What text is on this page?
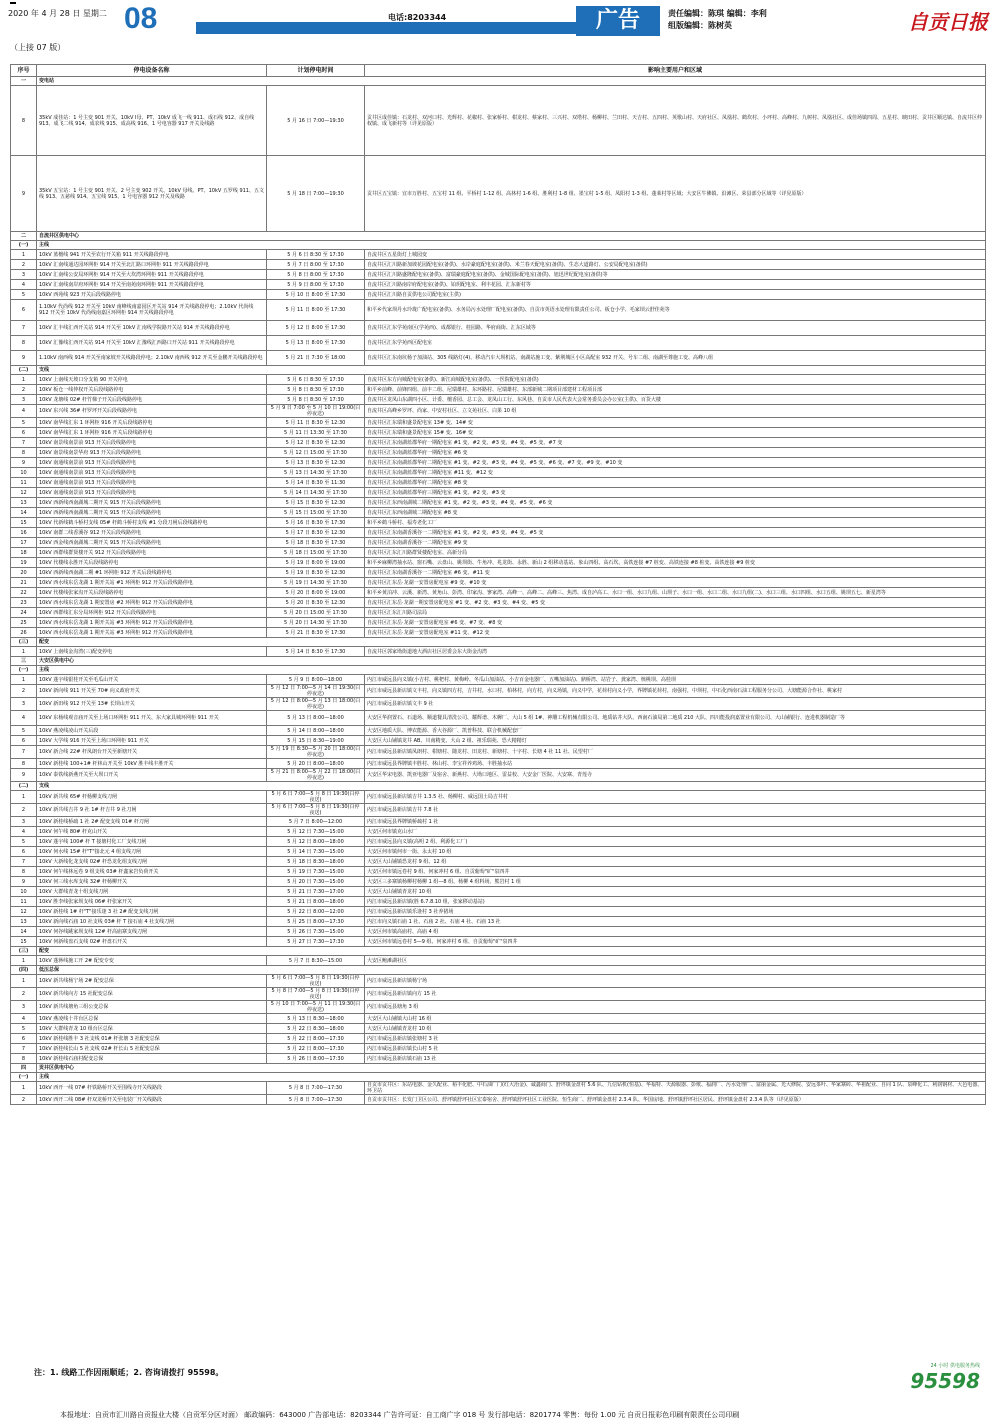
2020 年 4 月 28 日 星期二 08	电话:8203344	广告	责任编辑：陈琪 编辑：李利
组版编辑：陈树英	自贡日报
（上接 07 版）
序号	停电设备名称	计划停电时间	影响主要用户和区域
一	变电站		
8	35kV 成佳站：1 号主变 901 开关、10kV Ⅰ母、PT、10kV 成飞一线 911、成石线 912、成自线 913、成飞二线 914、成农线 915、成高线 916、1 号电容器 917 开关及线路	5 月 16 日 7:00—19:30	贡井区成佳镇：石龙村、双河口村、光辉村、花椒村、张家桥村、柑龙村、蔡家村、三兴村、双塔村、杨柳村、兰田村、天吉村、五四村、英歌山村、天府社区、凤凰村、鹤坎村、小坪村、高峰村、九树村、凤凰社区、成佳场镇四周、五星村、映田村、贡井区顺达镇、自流井区仲权镇、成飞新村等（详见原版）
9	35kV 五宝站：1 号主变 901 开关、2 号主变 902 开关、10kV 母线、PT、10kV 五罗线 911、五文线 913、五慈线 914、五宝线 915、1 号电容器 912 开关及线路	5 月 18 日 7:00—19:30	贡井区五宝镇：宜市万胜村、五宝村 11 组、平桥村 1-12 组、高林村 1-6 组、胜利村 1-8 组、墨宝村 1-5 组、凤阳村 1-3 组、蓬莱村等区域；大安区牛佛镇、沿滩区、荣县部分区域等（详见原版）
二	自流井区供电中心		
(一)	主线		
1	10kV 蓝檀线 941 开关至农行开关箱 911 开关线路段停电	5 月 6 日 8:30 至 17:30	自流井区五星街灯上城园变
2	10kV 汇南线通达园环网柜 914 开关至北汇路口环网柜 911 开关线路段停电	5 月 7 日 8:00 至 17:30	自流井区汇川路新加坡花园配电室(备供)、水岸豪庭配电室(备供)、米兰春天配电室(备供)、生态大道路灯、公安局配电室(备供)
3	10kV 汇南线公安局环网柜 914 开关至大坎湾环网柜 911 开关线路段停电	5 月 8 日 8:00 至 17:30	自流井区汇川路盛隆配电室(备供)、富瑞豪庭配电室(备供)、金城国际配电室(备供)、旭迅世纪配电室(备供)等
4	10kV 汇南线南岸府环网柜 914 开关至南苑南环网柜 911 开关线路段停电	5 月 9 日 8:00 至 17:30	自流井区汇川路南岸府配电室(备供)、铂玥配电室、利丰花园、汇东新村等
5	10kV 西苑线 923 开关后段线路停电	5 月 10 日 8:00 至 17:30	自流井区汇川路自贡供电公司配电室(主供)
6	1.10kV 代尚线 912 开关至 10kV 南峰线南嘉园区开关站 914 开关线路段停电；2.10kV 代尚线 912 开关至 10kV 代尚线南嘉区环网柜 914 开关线路段停电	5 月 11 日 8:00 至 17:30	和平乡代家坝丹水玲珑广配电室(备供)、水务局污水处理厂配电室(备供)、自贡市英语水处理有限责任公司、板仓小学、毛家坝云舒佳苑等
7	10kV 汇丰线汇西开关站 914 开关至 10kV 汇南线学院路开关站 914 开关线路段停电	5 月 12 日 8:00 至 17:30	自流井区汇东学苑南区(学苑西)、成都银行、桂园路、华府商街、汇东区域等
8	10kV 汇豫线汇西开关站 914 开关至 10kV 汇豫线汇西路口开关站 911 开关线路段停电	5 月 13 日 8:00 至 17:30	自流井区汇东学苑西区配电室
9	1.10kV 南西线 914 开关至南家坡开关线路段停电；2.10kV 南西线 912 开关至金鹏开关线路段停电	5 月 21 日 7:30 至 18:00	自流井区汇东南坑杨子加油站、305 线路灯(4)、移动汽车大坝机站、南湖站施工变、紫荆城区小区高配室 932 开关、号车二组、南湖至尊施工变、高峰八组
(二)	支线		
1	10kV 上南线天坡口分支箱 90 开关停电	5 月 6 日 8:30 至 17:30	自流井区东方向城配电室(备供)、新江商城配电室(备供)、一医院配电室(备供)
2	10kV 板仓一线仲权开关后段线路停电	5 月 8 日 8:30 至 17:30	和平乡前峰、前锋四组、前丰二组、尼瑞雄村、东环路村、尼瑞雄村、东部新城二期项目部建材工程项目部
3	10kV 龙塘线 02# 杆竹梯子开关后段线路停电	5 月 8 日 8:30 至 17:30	自流井区龙凤山东湖四小区、计委、檀香园、总工会、龙凤山工行、东风巷、自贡市人民代表大会常务委员会办公室(主供)、百货大楼
4	10kV 东兴线 36# 杆罗坪开关后段线路停电	5 月 9 日 7:00 至 5 月 10 日 19:00(白停夜送)	自流井区高峰乡罗坪、尚家、中安村社区、立文苑社区、白果 10 组
5	10kV 南华线汇东 1 环网柜 916 开关后段线路停电	5 月 11 日 8:30 至 12:30	自流井区汇东瑞和盛景配电室 13# 变、14# 变
6	10kV 南华线汇东 1 环网柜 916 开关后段线路停电	5 月 11 日 13:30 至 17:30	自流井区汇东瑞和盛景配电室 15# 变、16# 变
7	10kV 南景线南景前 913 开关后段线路停电	5 月 12 日 8:30 至 12:30	自流井区汇东南湖蓝郡华府一期配电室 #1 变、#2 变、#3 变、#4 变、#5 变、#7 变
8	10kV 南景线南景华府 913 开关后段线路停电	5 月 12 日 15:00 至 17:30	自流井区汇东南湖蓝郡华府一期配电室 #6 变
9	10kV 南通线南景前 913 开关后段线路停电	5 月 13 日 8:30 至 12:30	自流井区汇东南湖蓝郡华府二期配电室 #1 变、#2 变、#3 变、#4 变、#5 变、#6 变、#7 变、#9 变、#10 变
10	10kV 南通线南景前 913 开关后段线路停电	5 月 13 日 14:30 至 17:30	自流井区汇东南湖蓝郡华府二期配电室 #11 变、#12 变
11	10kV 南通线南景前 913 开关后段线路停电	5 月 14 日 8:30 至 11:30	自流井区汇东南湖蓝郡华府二期配电室 #8 变
12	10kV 南通线南景前 913 开关后段线路停电	5 月 14 日 14:30 至 17:30	自流井区汇东南湖蓝郡华府三期配电室 #1 变、#2 变、#3 变
13	10kV 西新线西南湖城二期开关 915 开关后段线路停电	5 月 15 日 8:30 至 12:30	自流井区汇东西南湖城二期配电室 #1 变、#2 变、#3 变、#4 变、#5 变、#6 变
14	10kV 西新线西南湖城二期开关 915 开关后段线路停电	5 月 15 日 15:00 至 17:30	自流井区汇东西南湖城二期配电室 #8 变
15	10kV 代新线鹤斗桥村支线 05# 杆鹤斗桥村支线 #1 分段刀闸后段线路停电	5 月 16 日 8:30 至 17:30	和平乡鹤斗桥村、福寿老化工厂
16	10kV 南群二线香溪谷 912 开关后段线路停电	5 月 17 日 8:30 至 12:30	自流井区汇东南湖香溪谷一二期配电室 #1 变、#2 变、#3 变、#4 变、#5 变
17	10kV 西金线西南湖城二期开关 915 开关后段线路停电	5 月 18 日 8:30 至 17:30	自流井区汇东南湖香溪谷一二期配电室 #9 变
18	10kV 西群线群贤楼开关 912 开关后段线路停电	5 月 18 日 15:00 至 17:30	自流井区汇东汇川路群贤楼配电室、高新分局
19	10kV 代楼线永胜开关后段线路停电	5 月 19 日 8:00 至 19:00	和平乡麻柳湾抽水站、窗石嘴、云盘山、姚坝街、牛角冲、兆龙街、永胜、新山 2 组移动基站、象山四组、高石坎、高铁连接 #7 桩变、高铁连接 #8 桩变、高铁连接 #9 桩变
20	10kV 西新线西南湖二期 #1 环网柜 912 开关后段线路停电	5 月 19 日 8:30 至 12:30	自流井区汇东南湖香溪谷一二期配电室 #6 变、#11 变
21	10kV 西水线东岳龙湖 1 期开关站 #1 环网柜 912 开关后段线路停电	5 月 19 日 14:30 至 17:30	自流井区汇东岳·龙湖一安置房配电室 #9 变、#10 变
22	10kV 代楼线张家沟开关后段线路停电	5 月 20 日 8:00 至 19:00	和平乡黄泊冲、云溪、新湾、黄角山、彭湾、印家沟、寥家湾、高峰一、高峰二、高峰三、焦湾、成自泸高工、水口一组、水口九组、山坝子、水口一组、水口二组、水口九组(二)、水口三组、水口四组、水口五组、姚坝五七、新星湾等
23	10kV 西水线东岳龙湖 1 期安置房 #2 环网柜 912 开关后段线路停电	5 月 20 日 8:30 至 12:30	自流井区汇东岳·龙湖一期安置房配电室 #1 变、#2 变、#3 变、#4 变、#5 变
24	10kV 西群线汇东分局环网柜 912 开关后段线路停电	5 月 20 日 15:00 至 17:30	自流井区汇东汇川路司法局
25	10kV 西水线东岳龙湖 1 期开关站 #3 环网柜 912 开关后段线路停电	5 月 20 日 14:30 至 17:30	自流井区汇东岳·龙湖一安置房配电室 #6 变、#7 变、#8 变
26	10kV 西水线东岳龙湖 1 期开关站 #3 环网柜 912 开关后段线路停电	5 月 21 日 8:30 至 17:30	自流井区汇东岳·龙湖一安置房配电室 #11 变、#12 变
(三)	配变		
1	10kV 上南线金沟湾(三)配变停电	5 月 14 日 8:30 至 17:30	自流井区郭家坳街道地大酒店社区居委会东大街金沟湾
三	大安区供电中心		
(一)	主线		
1	10kV 蓬宇线银桂开关至毛瓜山开关	5 月 9 日 8:00—18:00	内江市威远县向义镇(小吉村、桃杷村、黄梅岭、冬瓜山加油站、小吉百金电器厂、五嘴加油站)、鼎桥湾、站岩子、龚家湾、核桃坝、高桂坝
2	10kV 新向线 911 开关至 70# 向义政府开关	5 月 12 日 7:00—5 月 14 日 19:30(白停夜送)	内江市威远县新店镇文丰村，向义镇四方村，吉井村，水口村，柏林村，向方村，向义场镇，向义中学，花荷村向义小学，界牌镇花荷村，南强村，中坝村，中石化西南石油工程服务分公司、大塘能源合作社、桃家村
3	10kV 新田线 912 开关至 13# 长坝山开关	5 月 12 日 8:00—5 月 13 日 18:00(白停夜送)	内江市威远县新店镇文丰 9 社
4	10kV 东杨线观音庙开关至上场口环网柜 911 开关、东大家具城环网柜 911 开关	5 月 13 日 8:00—18:00	大安区华润置石、石道场、顺道餐具清洗公司、耀辉谱、木樨厂、大山 5 组 1#、神雕工程机械有限公司、地质钻井大队、西南石油局第二地质 210 大队、四川能投润嘉置业有限公司、大山铺银行、连进机器制造厂等
5	10kV 燕凌线凌山开关后段	5 月 14 日 8:00—18:00	大安区地质大队、博农能源、香大谷源厂、凯普科技、联合机械配套厂
6	10kV 大学线 916 开关至上场口环网柜 911 开关	5 月 15 日 8:30—19:00	大安区大山铺镇龙井 AB、川南精变、大山 2 组、祖乐瑞苑、恐大精精灯
7	10kV 新合线 22# 杆凤朗台开关至新塘开关	5 月 19 日 8:30—5 月 20 日 18:00(白停夜送)	内江市威远县新店镇凤朗村、柑塘村、随龙村、田龙村、新塘村、十字村、长塘 4 社 11 社、民望村厂
8	10kV 新桂线 100+1# 杆林山开关至 10kV 胜丰线丰胜开关	5 月 20 日 8:00—18:00	内江市威远县界牌镇丰胜村、林山村、李宝祥养鸡场、丰胜抽水站
9	10kV 泰铁线新燕开关至大坝口开关	5 月 21 日 8:00—5 月 22 日 18:00(白停夜送)	大安区华宋电器、凯亚电器厂及宿舍、新燕村、大坳口地区、雷益校、大安金厂医院、大安寨、青莲寺
(二)	支线		
1	10kV 新共线 65# 杆杨柳支线刀闸	5 月 6 日 7:00—5 月 8 日 19:30(白停夜送)	内江市威远县新店镇吉井 1.3.5 社、杨柳村、威远国土局吉井村
2	10kV 新共线吉井 9 社 1# 杆吉井 9 社刀闸	5 月 6 日 7:00—5 月 8 日 19:30(白停夜送)	内江市威远县新店镇吉井 7.8 社
3	10kV 新桂线桥疏 1 社 2# 配变支线 01# 杆刀闸	5 月 7 日 8:00—12:00	内江市威远县界牌镇桥疏村 1 社
4	10kV 何午线 80# 杆克山开关	5 月 12 日 7:30—15:00	大安区何市镇克山水厂
5	10kV 蓬宇线 100# 杆 T 接塘村化工厂支线刀闸	5 月 12 日 8:00—18:00	内江市威远县向义镇(高明 2 组、利源化工厂)
6	10kV 何水线 15# 杆"T"接北元 4 组支线刀闸	5 月 14 日 7:30—15:00	大安区何市镇何市一街、永太村 10 组
7	10kV 大新线化龙支线 02# 杆恐龙化组支线刀闸	5 月 18 日 8:30—18:00	大安区大山铺镇恐龙村 9 组、12 组
8	10kV 何午线林远卷 9 组支线 03# 杆鑫家岩负荷开关	5 月 19 日 7:30—15:00	大安区何市镇远卷村 9 组、何家冲村 6 组、自贡葡萄"矿"泉四井
9	10kV 何三线水库支线 32# 杆杨柳开关	5 月 20 日 7:30—15:00	大安区三多寨镇杨柳村杨柳 1 组—8 组、杨柳 4 组料场、熊岩村 1 组
10	10kV 大群线青龙十组支线刀闸	5 月 21 日 7:30—17:00	大安区大山铺镇青龙村 10 组
11	10kV 胜李线张家坝支线 06# 杆张家开关	5 月 21 日 8:00—18:00	内江市威远县新店镇(胜 6.7.8.10 组，张家移动基站)
12	10kV 新桂线 1# 杆"T"接乐逢 3 社 2# 配变支线刀闸	5 月 22 日 8:00—12:00	内江市威远县新店镇乐逢村 3 社养猪场
13	10kV 新向线石庙 10 社支线 03# 杆 T 接石庙 4 社支线刀闸	5 月 25 日 8:00—17:30	内江市向义镇石庙 1 社、石庙 2 社、石庙 4 社、石庙 13 社
14	10kV 何谷线跳家坝支线 12# 杆高庙寨支线刀闸	5 月 26 日 7:30—15:00	大安区何市镇高庙村、高庙 4 组
15	10kV 何新线盘石支线 02# 杆盘石开关	5 月 27 日 7:30—17:30	大安区何市镇远卷村 5—9 组、何家冲村 6 组、自贡葡萄"矿"泉四井
(三)	配变		
1	10kV 蓬蒋线施工开 2# 配变专变	5 月 7 日 8:30—15:00	大安区鲍滩湖社区
(四)	低压总保		
1	10kV 新共线杨宁场 2# 配变总保	5 月 6 日 7:00—5 月 8 日 19:30(白停夜送)	内江市威远县新店镇杨宁场
2	10kV 新共线向方 15 社配变总保	5 月 8 日 7:00—5 月 8 日 19:30(白停夜送)	内江市威远县新店镇向方 15 社
3	10kV 新共线塘角三组公变总保	5 月 10 日 7:00—5 月 11 日 19:30(白停夜送)	内江市威远县塘角 3 组
4	10kV 燕凌线十井台区总保	5 月 13 日 8:30—18:00	大安区大山铺镇大山村 16 组
5	10kV 大群线青龙 10 组台区总保	5 月 22 日 8:30—18:00	大安区大山铺镇青龙村 10 组
6	10kV 新桂线胜丰 3 社支线 01# 杆张塘 3 社配变总保	5 月 22 日 8:00—17:30	内江市威远县新店镇张塘村 3 社
7	10kV 新桂线长山 5 社支线 02# 杆长山 5 社配变总保	5 月 22 日 8:00—17:30	内江市威远县新店镇长山村 5 社
8	10kV 新桂线石庙村配变总保	5 月 26 日 8:00—17:30	内江市威远县新店镇石庙 13 社
四	贡井区供电中心		
(一)	主线		
1	10kV 西开一线 07# 杆铁路桥开关至围线寺开关线路段	5 月 8 日 7:00—17:30	自贡市贡井区：东站电器、金久配业、裕丰化肥、中石油厂门(红大治金)、诚鑫商门、舒坪镇金盘村 5.6 队、九信钻机(恒基)、华福特、天源服器、彭歌、福润厂、污水处理厂、富丽金属、光大修院、安远茶叶、华家寨砖、华祖配业、自同 1 队、泉峰化工、利润钢材、大邑电器、环卫站
2	10kV 西开二线 08# 杆双龙桥开关至电装厂开关线路段	5 月 8 日 7:00—17:30	自贡市贡井区：长发门卫区公司、舒坪镇舒坪社区宏泰宿舍、舒坪镇舒坪社区工业医院、恒生商厂、舒坪镇金盘村 2.3.4 队、华国房地、舒坪镇舒坪社区居民、舒坪镇金盘村 2.3.4 队等（详见原版）
注：1. 线路工作因雨顺延；2. 咨询请拨打 95598。
24 小时 供电服务热线
95598
本报地址：自贡市汇川路自贡报业大楼（自贡军分区对面） 邮政编码：643000 广告部电话：8203344 广告许可证：自工商广字 018 号 发行部电话：8201774 零售：每份 1.00 元 自贡日报彩色印刷有限责任公司印刷
